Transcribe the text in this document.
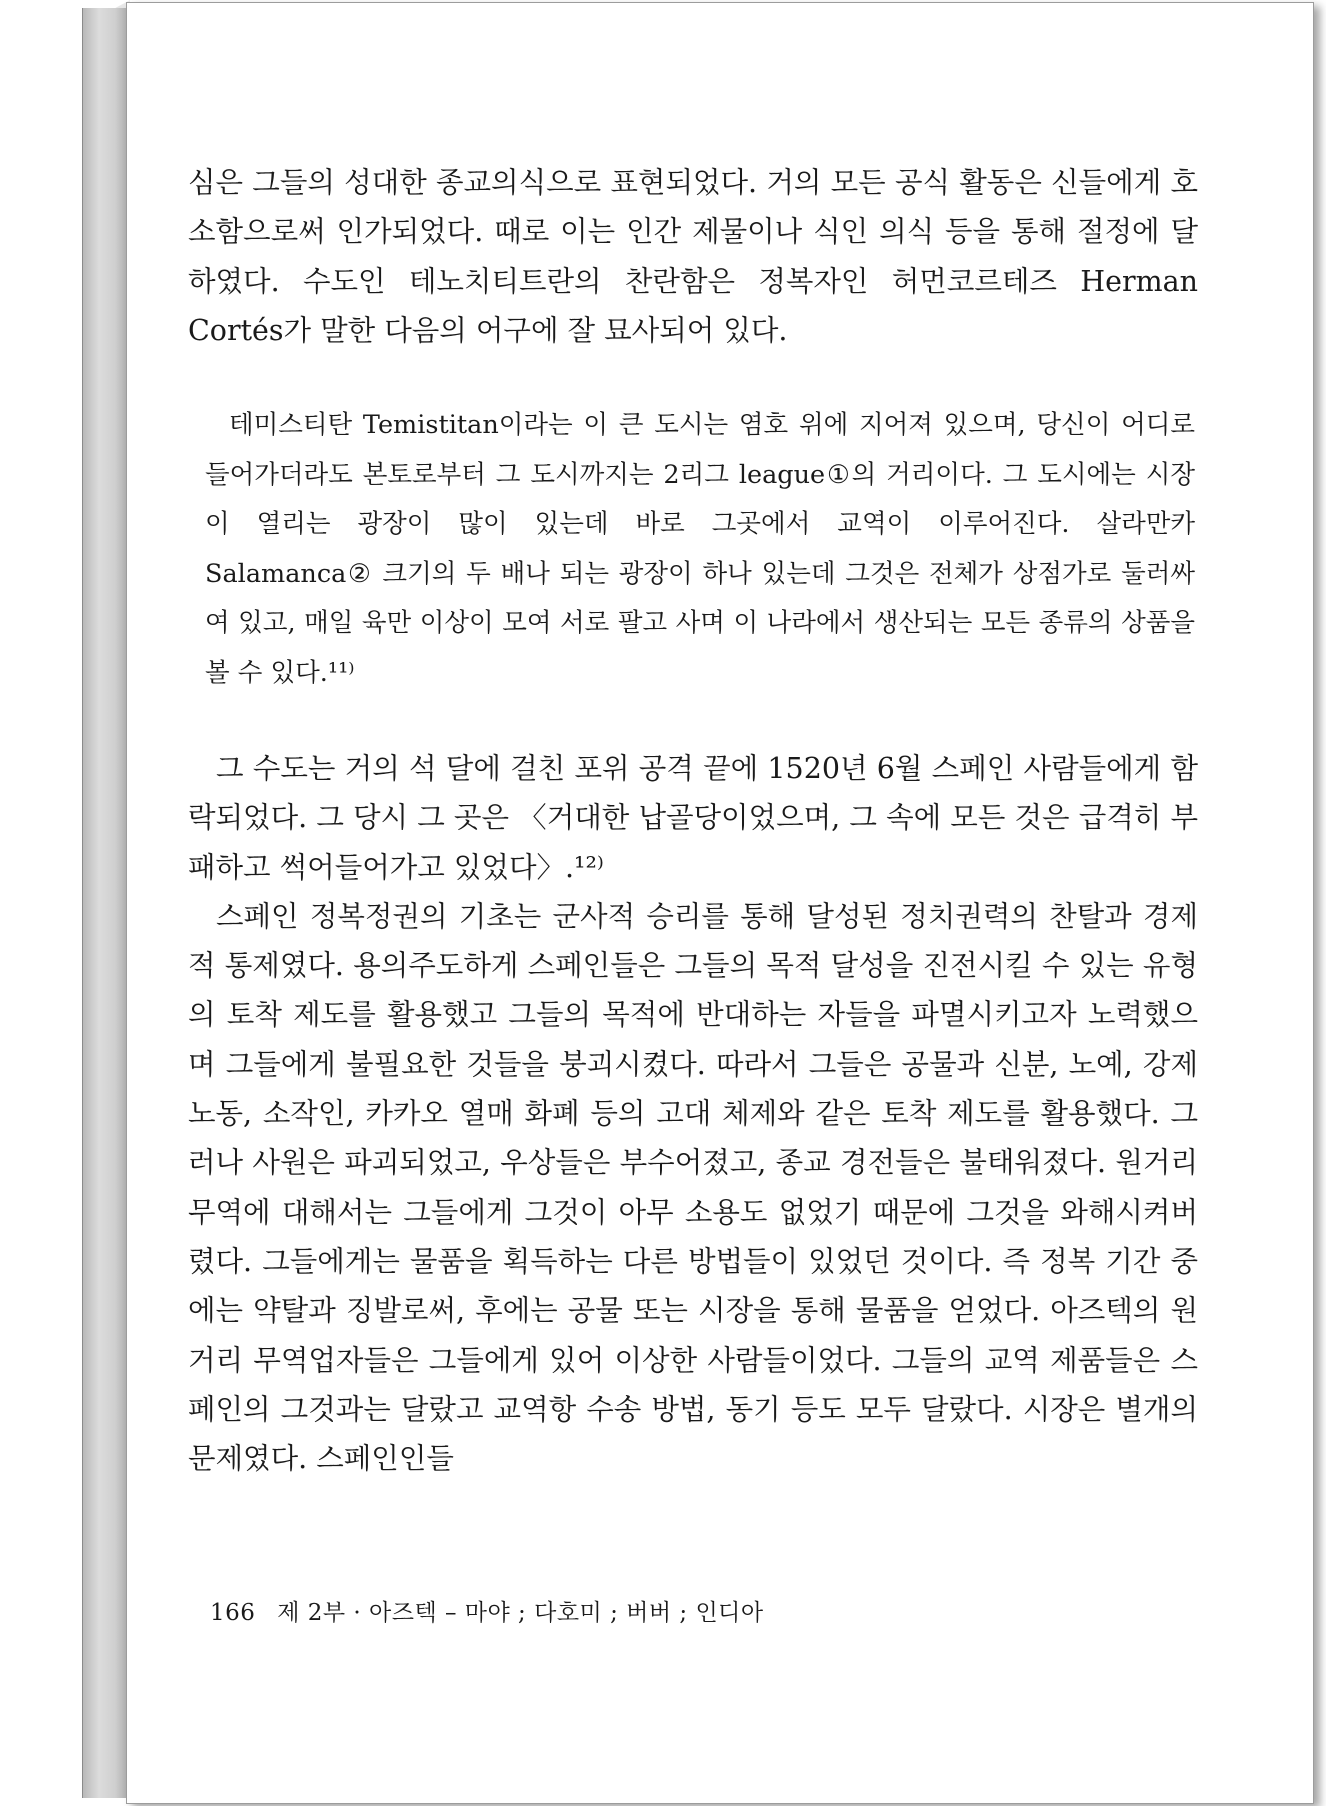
심은 그들의 성대한 종교의식으로 표현되었다. 거의 모든 공식 활동은 신들에게 호소함으로써 인가되었다. 때로 이는 인간 제물이나 식인 의식 등을 통해 절정에 달하였다. 수도인 테노치티트란의 찬란함은 정복자인 허먼코르테즈 Herman Cortés가 말한 다음의 어구에 잘 묘사되어 있다.

테미스티탄 Temistitan이라는 이 큰 도시는 염호 위에 지어져 있으며, 당신이 어디로 들어가더라도 본토로부터 그 도시까지는 2리그 league①의 거리이다. 그 도시에는 시장이 열리는 광장이 많이 있는데 바로 그곳에서 교역이 이루어진다. 살라만카 Salamanca② 크기의 두 배나 되는 광장이 하나 있는데 그것은 전체가 상점가로 둘러싸여 있고, 매일 육만 이상이 모여 서로 팔고 사며 이 나라에서 생산되는 모든 종류의 상품을 볼 수 있다.¹¹⁾

그 수도는 거의 석 달에 걸친 포위 공격 끝에 1520년 6월 스페인 사람들에게 함락되었다. 그 당시 그 곳은 〈거대한 납골당이었으며, 그 속에 모든 것은 급격히 부패하고 썩어들어가고 있었다〉.¹²⁾

스페인 정복정권의 기초는 군사적 승리를 통해 달성된 정치권력의 찬탈과 경제적 통제였다. 용의주도하게 스페인들은 그들의 목적 달성을 진전시킬 수 있는 유형의 토착 제도를 활용했고 그들의 목적에 반대하는 자들을 파멸시키고자 노력했으며 그들에게 불필요한 것들을 붕괴시켰다. 따라서 그들은 공물과 신분, 노예, 강제노동, 소작인, 카카오 열매 화폐 등의 고대 체제와 같은 토착 제도를 활용했다. 그러나 사원은 파괴되었고, 우상들은 부수어졌고, 종교 경전들은 불태워졌다. 원거리 무역에 대해서는 그들에게 그것이 아무 소용도 없었기 때문에 그것을 와해시켜버렸다. 그들에게는 물품을 획득하는 다른 방법들이 있었던 것이다. 즉 정복 기간 중에는 약탈과 징발로써, 후에는 공물 또는 시장을 통해 물품을 얻었다. 아즈텍의 원거리 무역업자들은 그들에게 있어 이상한 사람들이었다. 그들의 교역 제품들은 스페인의 그것과는 달랐고 교역항 수송 방법, 동기 등도 모두 달랐다. 시장은 별개의 문제였다. 스페인인들

166 제 2부 · 아즈텍 – 마야 ; 다호미 ; 버버 ; 인디아
